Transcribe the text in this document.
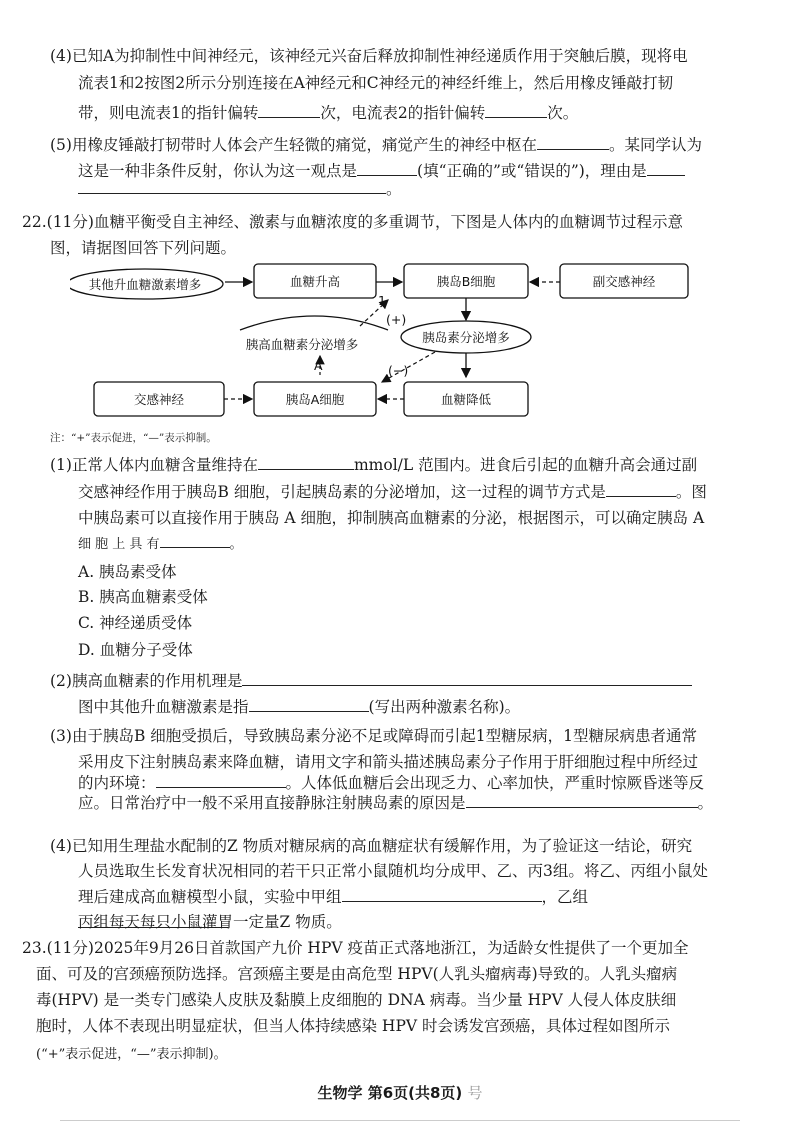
(4)已知A为抑制性中间神经元，该神经元兴奋后释放抑制性神经递质作用于突触后膜，现将电
流表1和2按图2所示分别连接在A神经元和C神经元的神经纤维上，然后用橡皮锤敲打韧
带，则电流表1的指针偏转	次，电流表2的指针偏转	次。
(5)用橡皮锤敲打韧带时人体会产生轻微的痛觉，痛觉产生的神经中枢在	。某同学认为
这是一种非条件反射，你认为这一观点是	(填“正确的”或“错误的”)，理由是
。
22.(11分)血糖平衡受自主神经、激素与血糖浓度的多重调节，下图是人体内的血糖调节过程示意
图，请据图回答下列问题。
其他升血糖激素增多	血糖升高	胰岛B细胞	副交感神经
胰岛素分泌增多
胰高血糖素分泌增多
A
1
(+)
(−)
交感神经	胰岛A细胞	血糖降低
注：“+”表示促进，“—”表示抑制。
(1)正常人体内血糖含量维持在	mmol/L 范围内。进食后引起的血糖升高会通过副
交感神经作用于胰岛B 细胞，引起胰岛素的分泌增加，这一过程的调节方式是	。图
中胰岛素可以直接作用于胰岛 A 细胞，抑制胰高血糖素的分泌，根据图示，可以确定胰岛 A
细 胞 上 具 有	。
A. 胰岛素受体
B. 胰高血糖素受体
C. 神经递质受体
D. 血糖分子受体
(2)胰高血糖素的作用机理是
图中其他升血糖激素是指	(写出两种激素名称)。
(3)由于胰岛B 细胞受损后，导致胰岛素分泌不足或障碍而引起1型糖尿病，1型糖尿病患者通常
采用皮下注射胰岛素来降血糖，请用文字和箭头描述胰岛素分子作用于肝细胞过程中所经过
的内环境：	。人体低血糖后会出现乏力、心率加快，严重时惊厥昏迷等反
应。日常治疗中一般不采用直接静脉注射胰岛素的原因是	。
(4)已知用生理盐水配制的Z 物质对糖尿病的高血糖症状有缓解作用，为了验证这一结论，研究
人员选取生长发育状况相同的若干只正常小鼠随机均分成甲、乙、丙3组。将乙、丙组小鼠处
理后建成高血糖模型小鼠，实验中甲组	，乙组
丙组每天每只小鼠灌胃一定量Z 物质。
23.(11分)2025年9月26日首款国产九价 HPV 疫苗正式落地浙江，为适龄女性提供了一个更加全
面、可及的宫颈癌预防选择。宫颈癌主要是由高危型 HPV(人乳头瘤病毒)导致的。人乳头瘤病
毒(HPV) 是一类专门感染人皮肤及黏膜上皮细胞的 DNA 病毒。当少量 HPV 人侵人体皮肤细
胞时，人体不表现出明显症状，但当人体持续感染 HPV 时会诱发宫颈癌，具体过程如图所示
(“+”表示促进，“—”表示抑制)。
生物学 第6页(共8页) 号
